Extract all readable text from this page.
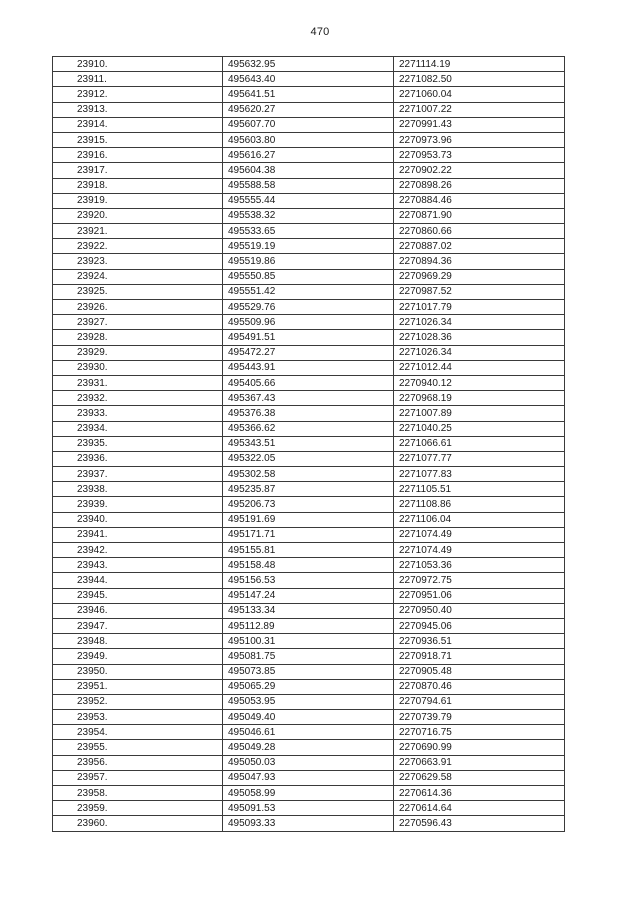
470
23910.	495632.95	2271114.19
23911.	495643.40	2271082.50
23912.	495641.51	2271060.04
23913.	495620.27	2271007.22
23914.	495607.70	2270991.43
23915.	495603.80	2270973.96
23916.	495616.27	2270953.73
23917.	495604.38	2270902.22
23918.	495588.58	2270898.26
23919.	495555.44	2270884.46
23920.	495538.32	2270871.90
23921.	495533.65	2270860.66
23922.	495519.19	2270887.02
23923.	495519.86	2270894.36
23924.	495550.85	2270969.29
23925.	495551.42	2270987.52
23926.	495529.76	2271017.79
23927.	495509.96	2271026.34
23928.	495491.51	2271028.36
23929.	495472.27	2271026.34
23930.	495443.91	2271012.44
23931.	495405.66	2270940.12
23932.	495367.43	2270968.19
23933.	495376.38	2271007.89
23934.	495366.62	2271040.25
23935.	495343.51	2271066.61
23936.	495322.05	2271077.77
23937.	495302.58	2271077.83
23938.	495235.87	2271105.51
23939.	495206.73	2271108.86
23940.	495191.69	2271106.04
23941.	495171.71	2271074.49
23942.	495155.81	2271074.49
23943.	495158.48	2271053.36
23944.	495156.53	2270972.75
23945.	495147.24	2270951.06
23946.	495133.34	2270950.40
23947.	495112.89	2270945.06
23948.	495100.31	2270936.51
23949.	495081.75	2270918.71
23950.	495073.85	2270905.48
23951.	495065.29	2270870.46
23952.	495053.95	2270794.61
23953.	495049.40	2270739.79
23954.	495046.61	2270716.75
23955.	495049.28	2270690.99
23956.	495050.03	2270663.91
23957.	495047.93	2270629.58
23958.	495058.99	2270614.36
23959.	495091.53	2270614.64
23960.	495093.33	2270596.43
